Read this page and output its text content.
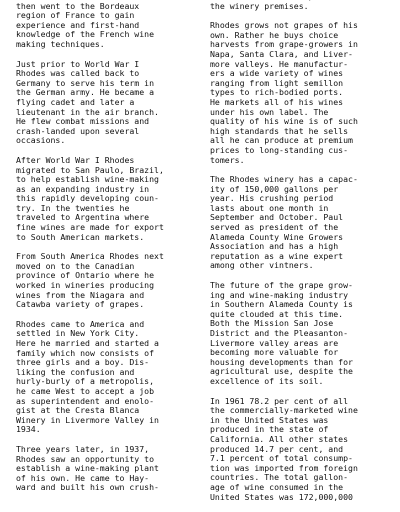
then went to the Bordeaux
region of France to gain
experience and first-hand
knowledge of the French wine
making techniques.
Just prior to World War I
Rhodes was called back to
Germany to serve his term in
the German army. He became a
flying cadet and later a
lieutenant in the air branch.
He flew combat missions and
crash-landed upon several
occasions.
After World War I Rhodes
migrated to San Paulo, Brazil,
to help establish wine-making
as an expanding industry in
this rapidly developing coun-
try. In the twenties he
traveled to Argentina where
fine wines are made for export
to South American markets.
From South America Rhodes next
moved on to the Canadian
province of Ontario where he
worked in wineries producing
wines from the Niagara and
Catawba variety of grapes.
Rhodes came to America and
settled in New York City.
Here he married and started a
family which now consists of
three girls and a boy. Dis-
liking the confusion and
hurly-burly of a metropolis,
he came West to accept a job
as superintendent and enolo-
gist at the Cresta Blanca
Winery in Livermore Valley in
1934.
Three years later, in 1937,
Rhodes saw an opportunity to
establish a wine-making plant
of his own. He came to Hay-
ward and built his own crush-
the winery premises.
Rhodes grows not grapes of his
own. Rather he buys choice
harvests from grape-growers in
Napa, Santa Clara, and Liver-
more valleys. He manufactur-
ers a wide variety of wines
ranging from light semillon
types to rich-bodied ports.
He markets all of his wines
under his own label. The
quality of his wine is of such
high standards that he sells
all he can produce at premium
prices to long-standing cus-
tomers.
The Rhodes winery has a capac-
ity of 150,000 gallons per
year. His crushing period
lasts about one month in
September and October. Paul
served as president of the
Alameda County Wine Growers
Association and has a high
reputation as a wine expert
among other vintners.
The future of the grape grow-
ing and wine-making industry
in Southern Alameda County is
quite clouded at this time.
Both the Mission San Jose
District and the Pleasanton-
Livermore valley areas are
becoming more valuable for
housing developments than for
agricultural use, despite the
excellence of its soil.
In 1961 78.2 per cent of all
the commercially-marketed wine
in the United States was
produced in the state of
California. All other states
produced 14.7 per cent, and
7.1 percent of total consump-
tion was imported from foreign
countries. The total gallon-
age of wine consumed in the
United States was 172,000,000
